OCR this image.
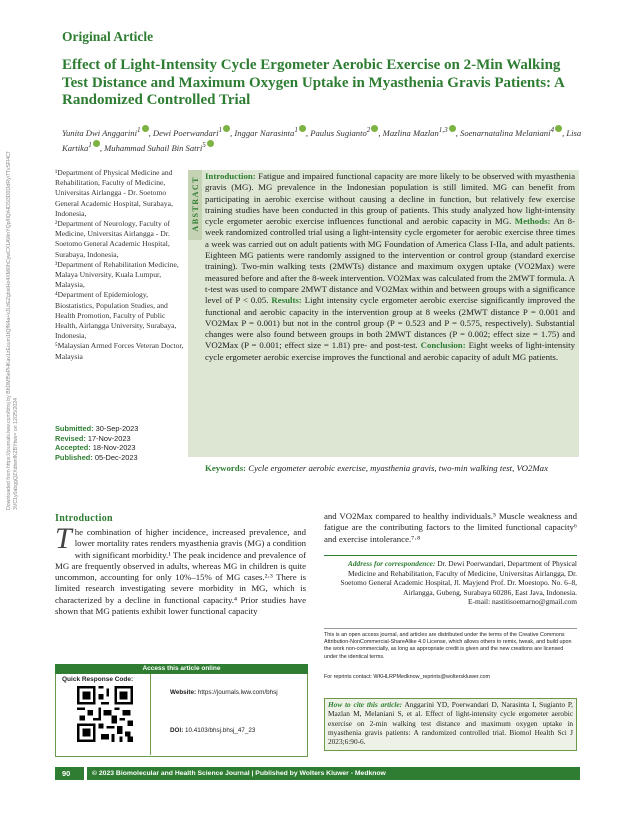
Original Article
Effect of Light-Intensity Cycle Ergometer Aerobic Exercise on 2-Min Walking Test Distance and Maximum Oxygen Uptake in Myasthenia Gravis Patients: A Randomized Controlled Trial
Yunita Dwi Anggarini$^1$ , Dewi Poerwandari$^1$ , Inggar Narasinta$^1$ , Paulus Sugianto$^2$ , Mazlina Mazlan$^{1,3}$ , Soenarnatalina Melaniani$^4$ , Lisa Kartika$^1$ , Muhammad Suhail Bin Satri$^5$
Downloaded from https://journals.lww.com/bhsj by BhDMf5ePHKav1zEoum1tQfN4a+kJLhEZgbsIHo4XMi0hCywCX1AWnYQp/IlQrHD3i3D0OdRyi7TvSFl4Cf3VC1y0abggQZXdtwnfKZBYtws= on 12/25/2024
¹Department of Physical Medicine and Rehabilitation, Faculty of Medicine, Universitas Airlangga - Dr. Soetomo General Academic Hospital, Surabaya, Indonesia,
²Department of Neurology, Faculty of Medicine, Universitas Airlangga - Dr. Soetomo General Academic Hospital, Surabaya, Indonesia,
³Department of Rehabilitation Medicine, Malaya University, Kuala Lumpur, Malaysia,
⁴Department of Epidemiology, Biostatistics, Population Studies, and Health Promotion, Faculty of Public Health, Airlangga University, Surabaya, Indonesia,
⁵Malaysian Armed Forces Veteran Doctor, Malaysia
Submitted: 30-Sep-2023
Revised: 17-Nov-2023
Accepted: 18-Nov-2023
Published: 05-Dec-2023
ABSTRACT Introduction: Fatigue and impaired functional capacity are more likely to be observed with myasthenia gravis (MG). MG prevalence in the Indonesian population is still limited. MG can benefit from participating in aerobic exercise without causing a decline in function, but relatively few exercise training studies have been conducted in this group of patients. This study analyzed how light-intensity cycle ergometer aerobic exercise influences functional and aerobic capacity in MG. Methods: An 8-week randomized controlled trial using a light-intensity cycle ergometer for aerobic exercise three times a week was carried out on adult patients with MG Foundation of America Class I-IIa, and adult patients. Eighteen MG patients were randomly assigned to the intervention or control group (standard exercise training). Two-min walking tests (2MWTs) distance and maximum oxygen uptake (VO2Max) were measured before and after the 8-week intervention. VO2Max was calculated from the 2MWT formula. A t-test was used to compare 2MWT distance and VO2Max within and between groups with a significance level of P < 0.05. Results: Light intensity cycle ergometer aerobic exercise significantly improved the functional and aerobic capacity in the intervention group at 8 weeks (2MWT distance P = 0.001 and VO2Max P = 0.001) but not in the control group (P = 0.523 and P = 0.575, respectively). Substantial changes were also found between groups in both 2MWT distances (P = 0.002; effect size = 1.75) and VO2Max (P = 0.001; effect size = 1.81) pre- and post-test. Conclusion: Eight weeks of light-intensity cycle ergometer aerobic exercise improves the functional and aerobic capacity of adult MG patients.
Keywords: Cycle ergometer aerobic exercise, myasthenia gravis, two-min walking test, VO2Max
Introduction
T he combination of higher incidence, increased prevalence, and lower mortality rates renders myasthenia gravis (MG) a condition with significant morbidity.¹ The peak incidence and prevalence of MG are frequently observed in adults, whereas MG in children is quite uncommon, accounting for only 10%–15% of MG cases.²·³ There is limited research investigating severe morbidity in MG, which is characterized by a decline in functional capacity.⁴ Prior studies have shown that MG patients exhibit lower functional capacity
and VO2Max compared to healthy individuals.⁵ Muscle weakness and fatigue are the contributing factors to the limited functional capacity⁶ and exercise intolerance.⁷·⁸
Address for correspondence: Dr. Dewi Poerwandari, Department of Physical Medicine and Rehabilitation, Faculty of Medicine, Universitas Airlangga, Dr. Soetomo General Academic Hospital, Jl. Mayjend Prof. Dr. Moestopo. No. 6–8, Airlangga, Gubeng, Surabaya 60286, East Java, Indonesia.
E-mail: nastitisoemarno@gmail.com
This is an open access journal, and articles are distributed under the terms of the Creative Commons Attribution-NonCommercial-ShareAlike 4.0 License, which allows others to remix, tweak, and build upon the work non-commercially, as long as appropriate credit is given and the new creations are licensed under the identical terms.
For reprints contact: WKHLRPMedknow_reprints@wolterskluwer.com
How to cite this article: Anggarini YD, Poerwandari D, Narasinta I, Sugianto P, Mazlan M, Melaniani S, et al. Effect of light-intensity cycle ergometer aerobic exercise on 2-min walking test distance and maximum oxygen uptake in myasthenia gravis patients: A randomized controlled trial. Biomol Health Sci J 2023;6:90-6.
Access this article online
Quick Response Code:
Website: https://journals.lww.com/bhsj
DOI: 10.4103/bhsj.bhsj_47_23
90	© 2023 Biomolecular and Health Science Journal | Published by Wolters Kluwer - Medknow
